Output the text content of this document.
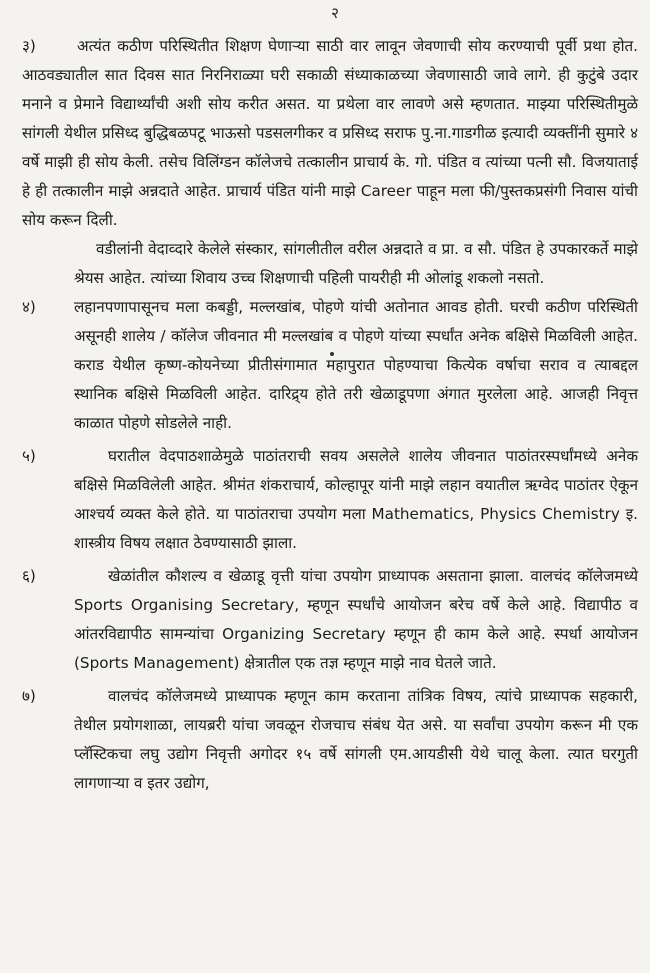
२
३)	अत्यंत कठीण परिस्थितीत शिक्षण घेणाऱ्या साठी वार लावून जेवणाची सोय करण्याची पूर्वी प्रथा होत. आठवड्यातील सात दिवस सात निरनिराळ्या घरी सकाळी संध्याकाळच्या जेवणासाठी जावे लागे. ही कुटुंबे उदार मनाने व प्रेमाने विद्यार्थ्यांची अशी सोय करीत असत. या प्रथेला वार लावणे असे म्हणतात. माझ्या परिस्थितीमुळे सांगली येथील प्रसिध्द बुद्धिबळपटू भाऊसो पडसलगीकर व प्रसिध्द सराफ पु.ना.गाडगीळ इत्यादी व्यक्तींनी सुमारे ४ वर्षे माझी ही सोय केली. तसेच विलिंग्डन कॉलेजचे तत्कालीन प्राचार्य के. गो. पंडित व त्यांच्या पत्नी सौ. विजयाताई हे ही तत्कालीन माझे अन्नदाते आहेत. प्राचार्य पंडित यांनी माझे Career पाहून मला फी/पुस्तकप्रसंगी निवास यांची सोय करून दिली.

वडीलांनी वेदाव्दारे केलेले संस्कार, सांगलीतील वरील अन्नदाते व प्रा. व सौ. पंडित हे उपकारकर्ते माझे श्रेयस आहेत. त्यांच्या शिवाय उच्च शिक्षणाची पहिली पायरीही मी ओलांडू शकलो नसतो.

४)	लहानपणापासूनच मला कबड्डी, मल्लखांब, पोहणे यांची अतोनात आवड होती. घरची कठीण परिस्थिती असूनही शालेय / कॉलेज जीवनात मी मल्लखांब व पोहणे यांच्या स्पर्धांत अनेक बक्षिसे मिळविली आहेत. कराड येथील कृष्ण-कोयनेच्या प्रीतीसंगामात महापुरात पोहण्याचा कित्येक वर्षाचा सराव व त्याबद्दल स्थानिक बक्षिसे मिळविली आहेत. दारिद्र्य होते तरी खेळाडूपणा अंगात मुरलेला आहे. आजही निवृत्त काळात पोहणे सोडलेले नाही.

५)	घरातील वेदपाठशाळेमुळे पाठांतराची सवय असलेले शालेय जीवनात पाठांतरस्पर्धांमध्ये अनेक बक्षिसे मिळविलेली आहेत. श्रीमंत शंकराचार्य, कोल्हापूर यांनी माझे लहान वयातील ऋग्वेद पाठांतर ऐकून आश्चर्य व्यक्त केले होते. या पाठांतराचा उपयोग मला Mathematics, Physics Chemistry इ. शास्त्रीय विषय लक्षात ठेवण्यासाठी झाला.

६)	खेळांतील कौशल्य व खेळाडू वृत्ती यांचा उपयोग प्राध्यापक असताना झाला. वालचंद कॉलेजमध्ये Sports Organising Secretary, म्हणून स्पर्धांचे आयोजन बरेच वर्षे केले आहे. विद्यापीठ व आंतरविद्यापीठ सामन्यांचा Organizing Secretary म्हणून ही काम केले आहे. स्पर्धा आयोजन (Sports Management) क्षेत्रातील एक तज्ञ म्हणून माझे नाव घेतले जाते.

७)	वालचंद कॉलेजमध्ये प्राध्यापक म्हणून काम करताना तांत्रिक विषय, त्यांचे प्राध्यापक सहकारी, तेथील प्रयोगशाळा, लायब्ररी यांचा जवळून रोजचाच संबंध येत असे. या सर्वांचा उपयोग करून मी एक प्लॅस्टिकचा लघु उद्योग निवृत्ती अगोदर १५ वर्षे सांगली एम.आयडीसी येथे चालू केला. त्यात घरगुती लागणाऱ्या व इतर उद्योग,
